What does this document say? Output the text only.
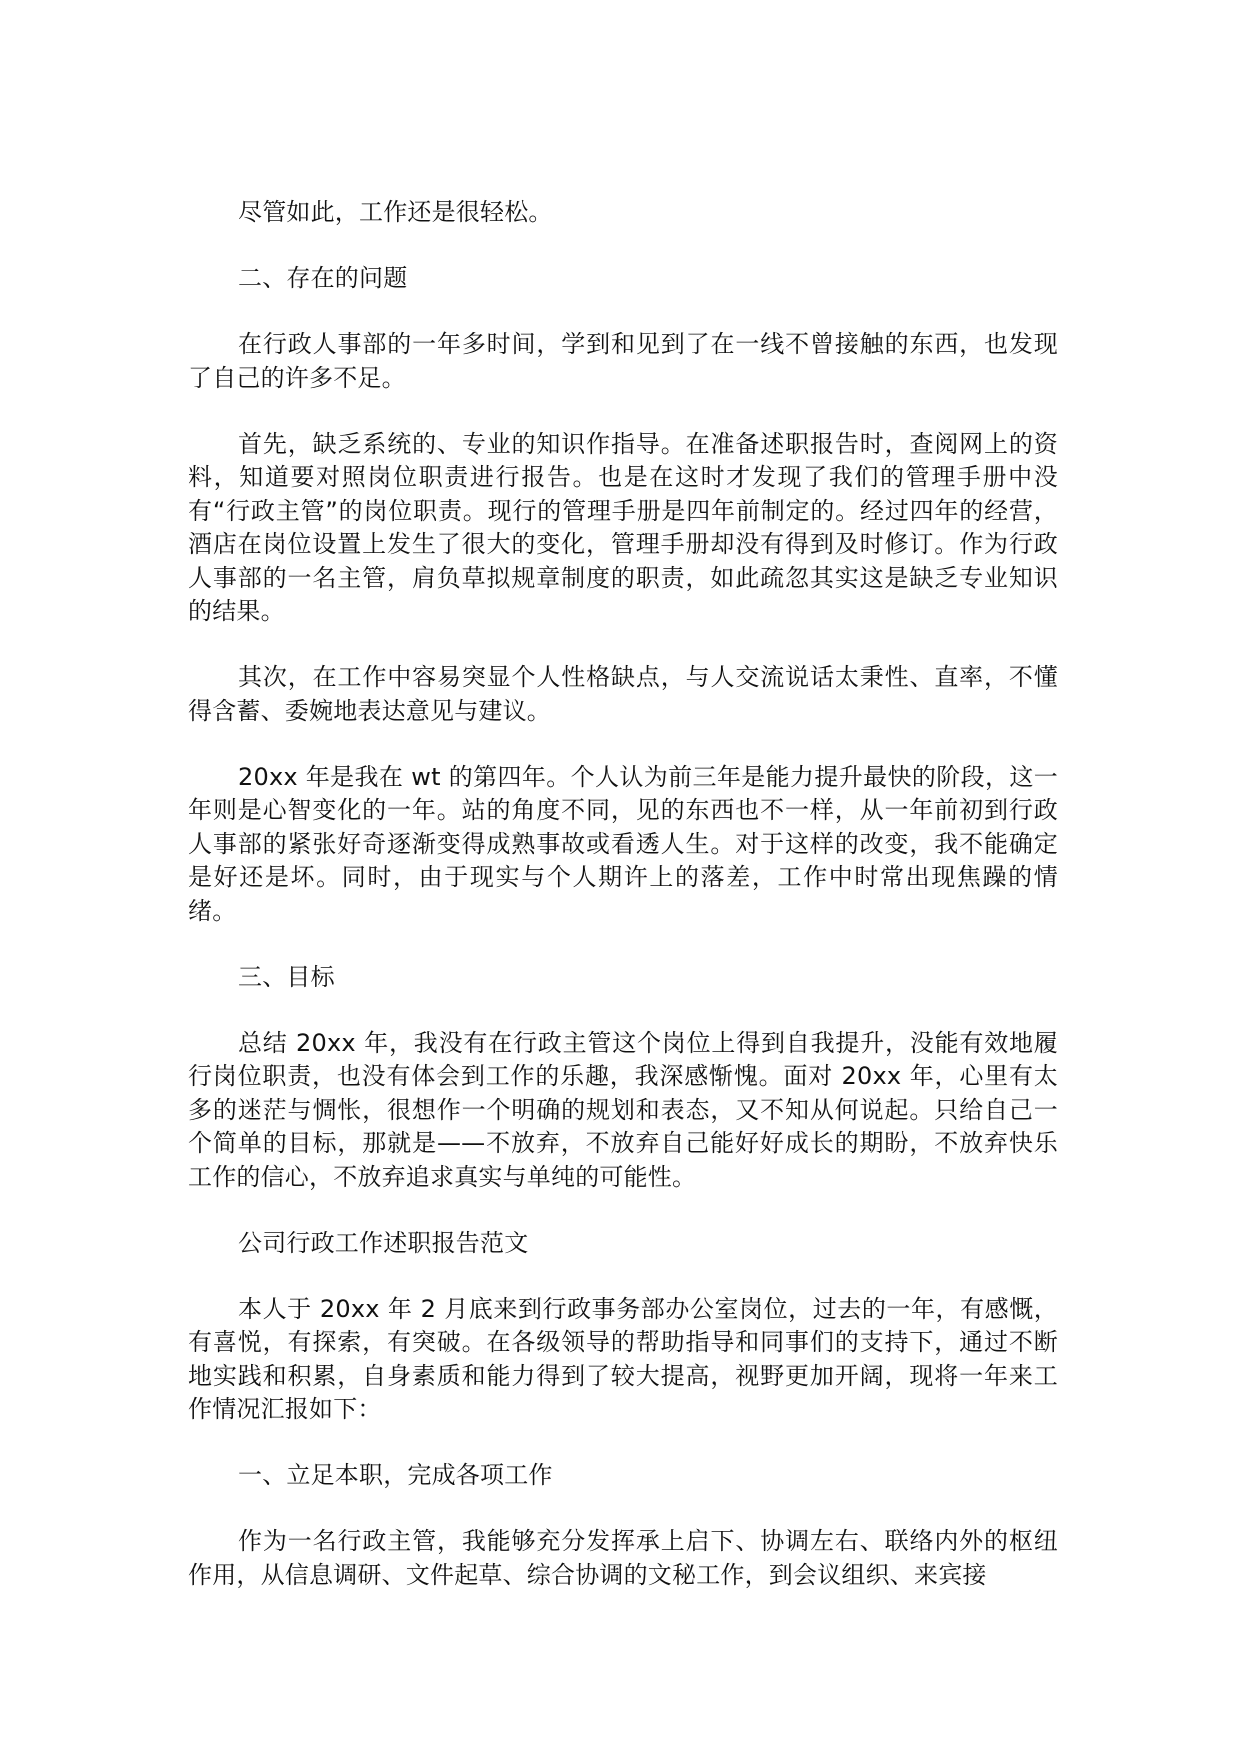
尽管如此，工作还是很轻松。

二、存在的问题

在行政人事部的一年多时间，学到和见到了在一线不曾接触的东西，也发现了自己的许多不足。

首先，缺乏系统的、专业的知识作指导。在准备述职报告时，查阅网上的资料，知道要对照岗位职责进行报告。也是在这时才发现了我们的管理手册中没有“行政主管”的岗位职责。现行的管理手册是四年前制定的。经过四年的经营，酒店在岗位设置上发生了很大的变化，管理手册却没有得到及时修订。作为行政人事部的一名主管，肩负草拟规章制度的职责，如此疏忽其实这是缺乏专业知识的结果。

其次，在工作中容易突显个人性格缺点，与人交流说话太秉性、直率，不懂得含蓄、委婉地表达意见与建议。

20xx 年是我在 wt 的第四年。个人认为前三年是能力提升最快的阶段，这一年则是心智变化的一年。站的角度不同，见的东西也不一样，从一年前初到行政人事部的紧张好奇逐渐变得成熟事故或看透人生。对于这样的改变，我不能确定是好还是坏。同时，由于现实与个人期许上的落差，工作中时常出现焦躁的情绪。

三、目标

总结 20xx 年，我没有在行政主管这个岗位上得到自我提升，没能有效地履行岗位职责，也没有体会到工作的乐趣，我深感惭愧。面对 20xx 年，心里有太多的迷茫与惆怅，很想作一个明确的规划和表态，又不知从何说起。只给自己一个简单的目标，那就是——不放弃，不放弃自己能好好成长的期盼，不放弃快乐工作的信心，不放弃追求真实与单纯的可能性。

公司行政工作述职报告范文

本人于 20xx 年 2 月底来到行政事务部办公室岗位，过去的一年，有感慨，有喜悦，有探索，有突破。在各级领导的帮助指导和同事们的支持下，通过不断地实践和积累，自身素质和能力得到了较大提高，视野更加开阔，现将一年来工作情况汇报如下：

一、立足本职，完成各项工作

作为一名行政主管，我能够充分发挥承上启下、协调左右、联络内外的枢纽作用，从信息调研、文件起草、综合协调的文秘工作，到会议组织、来宾接
